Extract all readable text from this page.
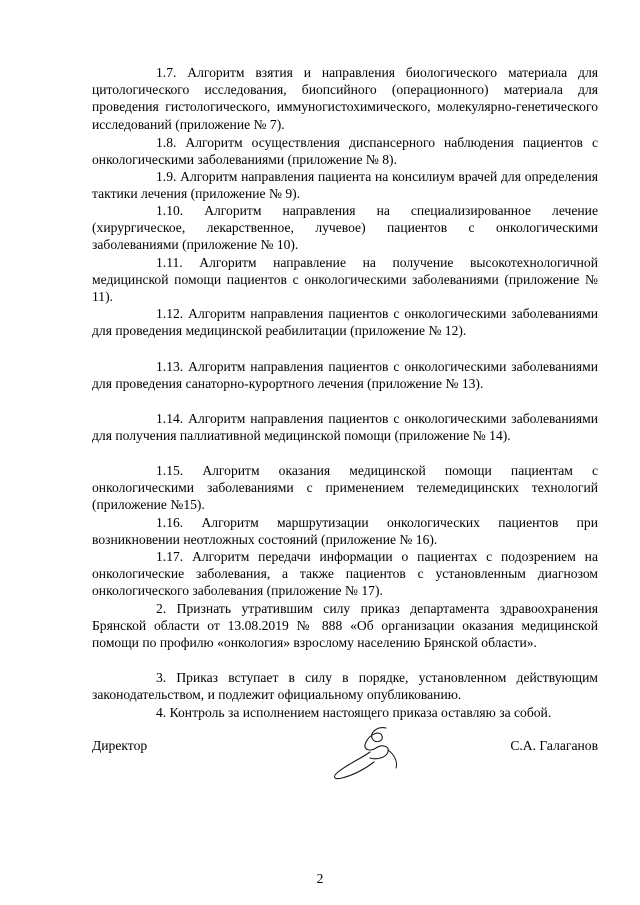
1.7. Алгоритм взятия и направления биологического материала для цитологического исследования, биопсийного (операционного) материала для проведения гистологического, иммуногистохимического, молекулярно-генетического исследований (приложение № 7).

1.8. Алгоритм осуществления диспансерного наблюдения пациентов с онкологическими заболеваниями (приложение № 8).

1.9. Алгоритм направления пациента на консилиум врачей для определения тактики лечения (приложение № 9).

1.10. Алгоритм направления на специализированное лечение (хирургическое, лекарственное, лучевое) пациентов с онкологическими заболеваниями (приложение № 10).

1.11. Алгоритм направление на получение высокотехнологичной медицинской помощи пациентов с онкологическими заболеваниями (приложение № 11).

1.12. Алгоритм направления пациентов с онкологическими заболеваниями для проведения медицинской реабилитации (приложение № 12).

1.13. Алгоритм направления пациентов с онкологическими заболеваниями для проведения санаторно-курортного лечения (приложение № 13).

1.14. Алгоритм направления пациентов с онкологическими заболеваниями для получения паллиативной медицинской помощи (приложение № 14).

1.15. Алгоритм оказания медицинской помощи пациентам с онкологическими заболеваниями с применением телемедицинских технологий (приложение №15).

1.16. Алгоритм маршрутизации онкологических пациентов при возникновении неотложных состояний (приложение № 16).

1.17. Алгоритм передачи информации о пациентах с подозрением на онкологические заболевания, а также пациентов с установленным диагнозом онкологического заболевания (приложение № 17).

2. Признать утратившим силу приказ департамента здравоохранения Брянской области от 13.08.2019 № 888 «Об организации оказания медицинской помощи по профилю «онкология» взрослому населению Брянской области».

3. Приказ вступает в силу в порядке, установленном действующим законодательством, и подлежит официальному опубликованию.

4. Контроль за исполнением настоящего приказа оставляю за собой.

Директор	С.А. Галаганов
2
